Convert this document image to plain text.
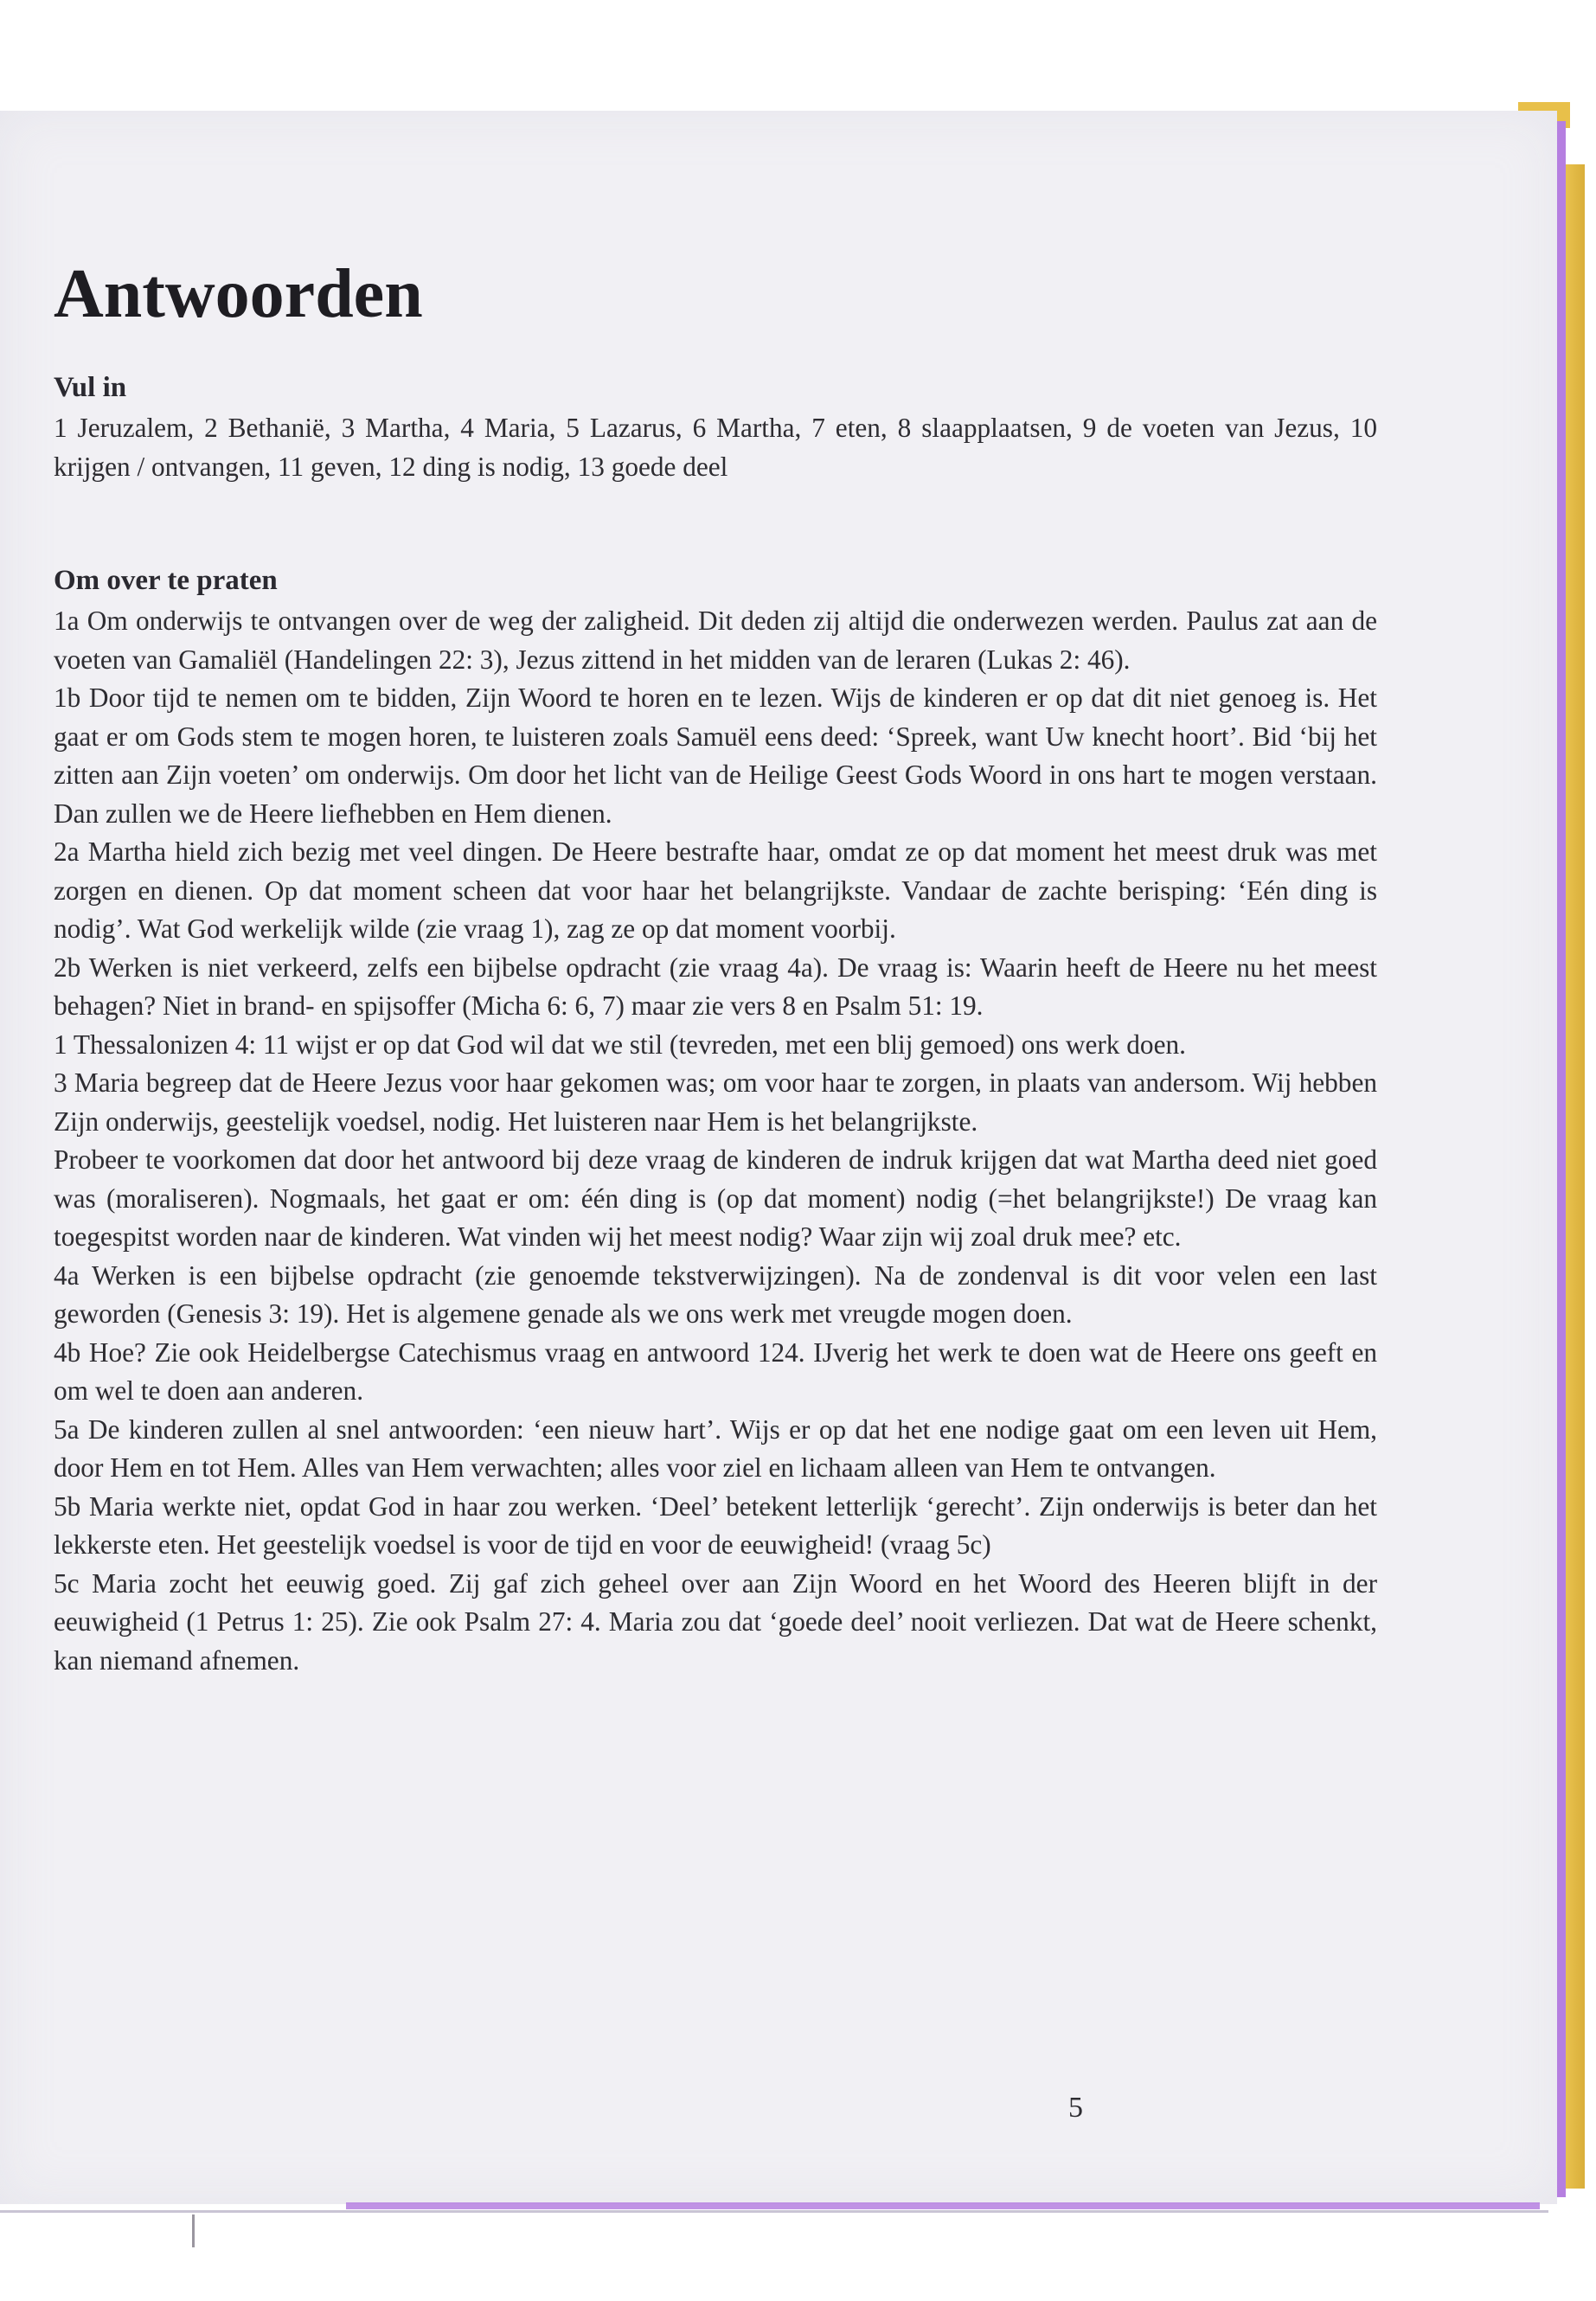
Antwoorden
Vul in

1 Jeruzalem, 2 Bethanië, 3 Martha, 4 Maria, 5 Lazarus, 6 Martha, 7 eten, 8 slaapplaatsen, 9 de voeten van Jezus, 10 krijgen / ontvangen, 11 geven, 12 ding is nodig, 13 goede deel

Om over te praten

1a Om onderwijs te ontvangen over de weg der zaligheid. Dit deden zij altijd die onderwezen werden. Paulus zat aan de voeten van Gamaliël (Handelingen 22: 3), Jezus zittend in het midden van de leraren (Lukas 2: 46).

1b Door tijd te nemen om te bidden, Zijn Woord te horen en te lezen. Wijs de kinderen er op dat dit niet genoeg is. Het gaat er om Gods stem te mogen horen, te luisteren zoals Samuël eens deed: ‘Spreek, want Uw knecht hoort’. Bid ‘bij het zitten aan Zijn voeten’ om onderwijs. Om door het licht van de Heilige Geest Gods Woord in ons hart te mogen verstaan. Dan zullen we de Heere liefhebben en Hem dienen.

2a Martha hield zich bezig met veel dingen. De Heere bestrafte haar, omdat ze op dat moment het meest druk was met zorgen en dienen. Op dat moment scheen dat voor haar het belangrijkste. Vandaar de zachte berisping: ‘Eén ding is nodig’. Wat God werkelijk wilde (zie vraag 1), zag ze op dat moment voorbij.

2b Werken is niet verkeerd, zelfs een bijbelse opdracht (zie vraag 4a). De vraag is: Waarin heeft de Heere nu het meest behagen? Niet in brand- en spijsoffer (Micha 6: 6, 7) maar zie vers 8 en Psalm 51: 19.

1 Thessalonizen 4: 11 wijst er op dat God wil dat we stil (tevreden, met een blij gemoed) ons werk doen.

3 Maria begreep dat de Heere Jezus voor haar gekomen was; om voor haar te zorgen, in plaats van andersom. Wij hebben Zijn onderwijs, geestelijk voedsel, nodig. Het luisteren naar Hem is het belangrijkste.

Probeer te voorkomen dat door het antwoord bij deze vraag de kinderen de indruk krijgen dat wat Martha deed niet goed was (moraliseren). Nogmaals, het gaat er om: één ding is (op dat moment) nodig (=het belangrijkste!) De vraag kan toegespitst worden naar de kinderen. Wat vinden wij het meest nodig? Waar zijn wij zoal druk mee? etc.

4a Werken is een bijbelse opdracht (zie genoemde tekstverwijzingen). Na de zondenval is dit voor velen een last geworden (Genesis 3: 19). Het is algemene genade als we ons werk met vreugde mogen doen.

4b Hoe? Zie ook Heidelbergse Catechismus vraag en antwoord 124. IJverig het werk te doen wat de Heere ons geeft en om wel te doen aan anderen.

5a De kinderen zullen al snel antwoorden: ‘een nieuw hart’. Wijs er op dat het ene nodige gaat om een leven uit Hem, door Hem en tot Hem. Alles van Hem verwachten; alles voor ziel en lichaam alleen van Hem te ontvangen.

5b Maria werkte niet, opdat God in haar zou werken. ‘Deel’ betekent letterlijk ‘gerecht’. Zijn onderwijs is beter dan het lekkerste eten. Het geestelijk voedsel is voor de tijd en voor de eeuwigheid! (vraag 5c)

5c Maria zocht het eeuwig goed. Zij gaf zich geheel over aan Zijn Woord en het Woord des Heeren blijft in der eeuwigheid (1 Petrus 1: 25). Zie ook Psalm 27: 4. Maria zou dat ‘goede deel’ nooit verliezen. Dat wat de Heere schenkt, kan niemand afnemen.

5
